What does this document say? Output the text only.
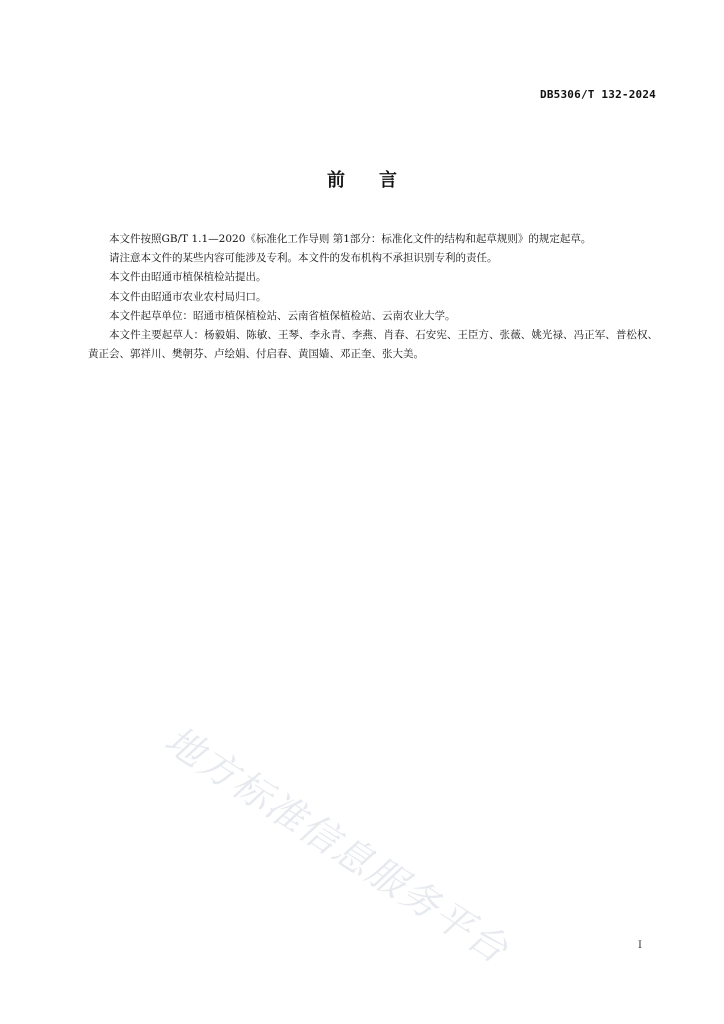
DB5306/T 132-2024
前 言

本文件按照GB/T 1.1—2020《标准化工作导则 第1部分：标准化文件的结构和起草规则》的规定起草。

请注意本文件的某些内容可能涉及专利。本文件的发布机构不承担识别专利的责任。

本文件由昭通市植保植检站提出。

本文件由昭通市农业农村局归口。

本文件起草单位：昭通市植保植检站、云南省植保植检站、云南农业大学。

本文件主要起草人：杨毅娟、陈敏、王琴、李永青、李燕、肖春、石安宪、王臣方、张薇、姚光禄、冯正军、普松权、黄正会、郭祥川、樊朝芬、卢绘娟、付启春、黄国嫱、邓正奎、张大美。

地方标准信息服务平台	I
